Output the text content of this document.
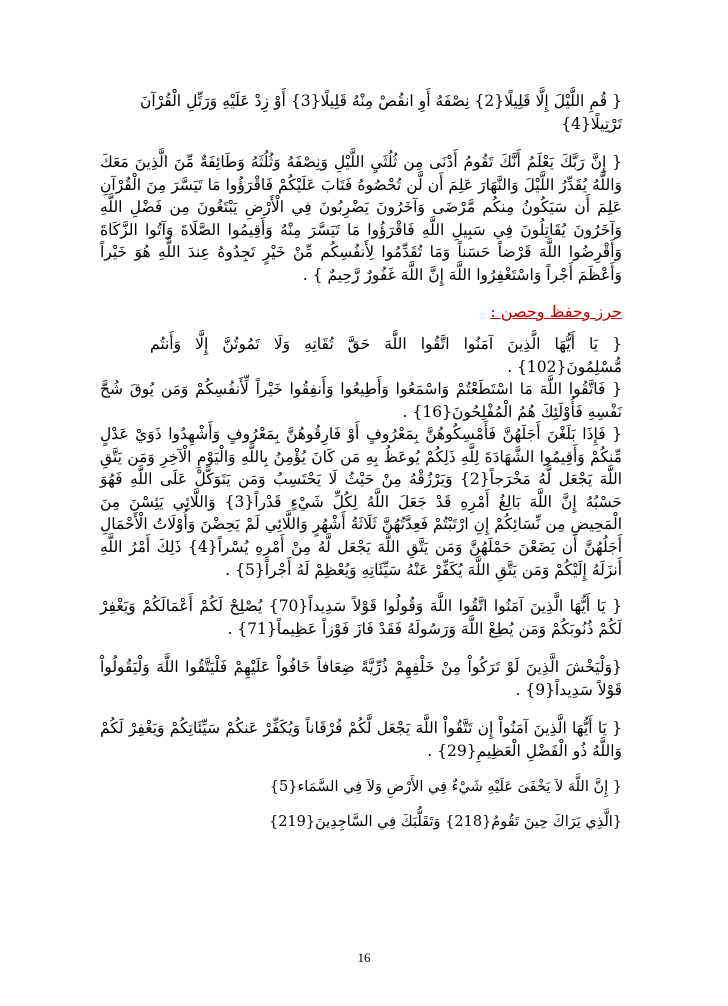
{ قُمِ اللَّيْلَ إِلَّا قَلِيلًا{2} نِصْفَهُ أَوِ انقُصْ مِنْهُ قَلِيلًا{3} أَوْ زِدْ عَلَيْهِ وَرَتِّلِ الْقُرْآنَ تَرْتِيلًا{4}

{ إِنَّ رَبَّكَ يَعْلَمُ أَنَّكَ تَقُومُ أَدْنَى مِن ثُلُثَيِ اللَّيْلِ وَنِصْفَهُ وَثُلُثَهُ وَطَائِفَةٌ مِّنَ الَّذِينَ مَعَكَ وَاللَّهُ يُقَدِّرُ اللَّيْلَ وَالنَّهَارَ عَلِمَ أَن لَّن تُحْصُوهُ فَتَابَ عَلَيْكُمْ فَاقْرَؤُوا مَا تَيَسَّرَ مِنَ الْقُرْآنِ عَلِمَ أَن سَيَكُونُ مِنكُم مَّرْضَى وَآخَرُونَ يَضْرِبُونَ فِي الْأَرْضِ يَبْتَغُونَ مِن فَضْلِ اللَّهِ وَآخَرُونَ يُقَاتِلُونَ فِي سَبِيلِ اللَّهِ فَاقْرَؤُوا مَا تَيَسَّرَ مِنْهُ وَأَقِيمُوا الصَّلَاةَ وَآتُوا الزَّكَاةَ وَأَقْرِضُوا اللَّهَ قَرْضاً حَسَناً وَمَا تُقَدِّمُوا لِأَنفُسِكُم مِّنْ خَيْرٍ تَجِدُوهُ عِندَ اللَّهِ هُوَ خَيْراً وَأَعْظَمَ أَجْراً وَاسْتَغْفِرُوا اللَّهَ إِنَّ اللَّهَ غَفُورٌ رَّحِيمٌ } .

حرز وحفظ وحصن :

{ يَا أَيُّهَا الَّذِينَ آمَنُوا اتَّقُوا اللَّهَ حَقَّ تُقَاتِهِ وَلَا تَمُوتُنَّ إِلَّا وَأَنتُم مُّسْلِمُونَ{102} .

{ فَاتَّقُوا اللَّهَ مَا اسْتَطَعْتُمْ وَاسْمَعُوا وَأَطِيعُوا وَأَنفِقُوا خَيْراً لِّأَنفُسِكُمْ وَمَن يُوقَ شُحَّ نَفْسِهِ فَأُوْلَئِكَ هُمُ الْمُفْلِحُونَ{16} .

{ فَإِذَا بَلَغْنَ أَجَلَهُنَّ فَأَمْسِكُوهُنَّ بِمَعْرُوفٍ أَوْ فَارِقُوهُنَّ بِمَعْرُوفٍ وَأَشْهِدُوا ذَوَيْ عَدْلٍ مِّنكُمْ وَأَقِيمُوا الشَّهَادَةَ لِلَّهِ ذَلِكُمْ يُوعَظُ بِهِ مَن كَانَ يُؤْمِنُ بِاللَّهِ وَالْيَوْمِ الْآخِرِ وَمَن يَتَّقِ اللَّهَ يَجْعَل لَّهُ مَخْرَجاً{2} وَيَرْزُقْهُ مِنْ حَيْثُ لَا يَحْتَسِبُ وَمَن يَتَوَكَّلْ عَلَى اللَّهِ فَهُوَ حَسْبُهُ إِنَّ اللَّهَ بَالِغُ أَمْرِهِ قَدْ جَعَلَ اللَّهُ لِكُلِّ شَيْءٍ قَدْراً{3} وَاللَّائِي يَئِسْنَ مِنَ الْمَحِيضِ مِن نِّسَائِكُمْ إِنِ ارْتَبْتُمْ فَعِدَّتُهُنَّ ثَلَاثَةُ أَشْهُرٍ وَاللَّائِي لَمْ يَحِضْنَ وَأُوْلَاتُ الْأَحْمَالِ أَجَلُهُنَّ أَن يَضَعْنَ حَمْلَهُنَّ وَمَن يَتَّقِ اللَّهَ يَجْعَل لَّهُ مِنْ أَمْرِهِ يُسْراً{4} ذَلِكَ أَمْرُ اللَّهِ أَنزَلَهُ إِلَيْكُمْ وَمَن يَتَّقِ اللَّهَ يُكَفِّرْ عَنْهُ سَيِّئَاتِهِ وَيُعْظِمْ لَهُ أَجْراً{5} .

{ يَا أَيُّهَا الَّذِينَ آمَنُوا اتَّقُوا اللَّهَ وَقُولُوا قَوْلاً سَدِيداً{70} يُصْلِحْ لَكُمْ أَعْمَالَكُمْ وَيَغْفِرْ لَكُمْ ذُنُوبَكُمْ وَمَن يُطِعْ اللَّهَ وَرَسُولَهُ فَقَدْ فَازَ فَوْزاً عَظِيماً{71} .

{وَلْيَخْشَ الَّذِينَ لَوْ تَرَكُواْ مِنْ خَلْفِهِمْ ذُرِّيَّةً ضِعَافاً خَافُواْ عَلَيْهِمْ فَلْيَتَّقُوا اللَّهَ وَلْيَقُولُواْ قَوْلاً سَدِيداً{9} .

{ يَا أَيُّهَا الَّذِينَ آمَنُواْ إِن تَتَّقُواْ اللَّهَ يَجْعَل لَّكُمْ فُرْقَاناً وَيُكَفِّرْ عَنكُمْ سَيِّئَاتِكُمْ وَيَغْفِرْ لَكُمْ وَاللَّهُ ذُو الْفَضْلِ الْعَظِيمِ{29} .

{ إِنَّ اللَّهَ لاَ يَخْفَىَ عَلَيْهِ شَيْءٌ فِي الأَرْضِ وَلاَ فِي السَّمَاء{5}

{الَّذِي يَرَاكَ حِينَ تَقُومُ{218} وَتَقَلُّبَكَ فِي السَّاجِدِينَ{219}

16
